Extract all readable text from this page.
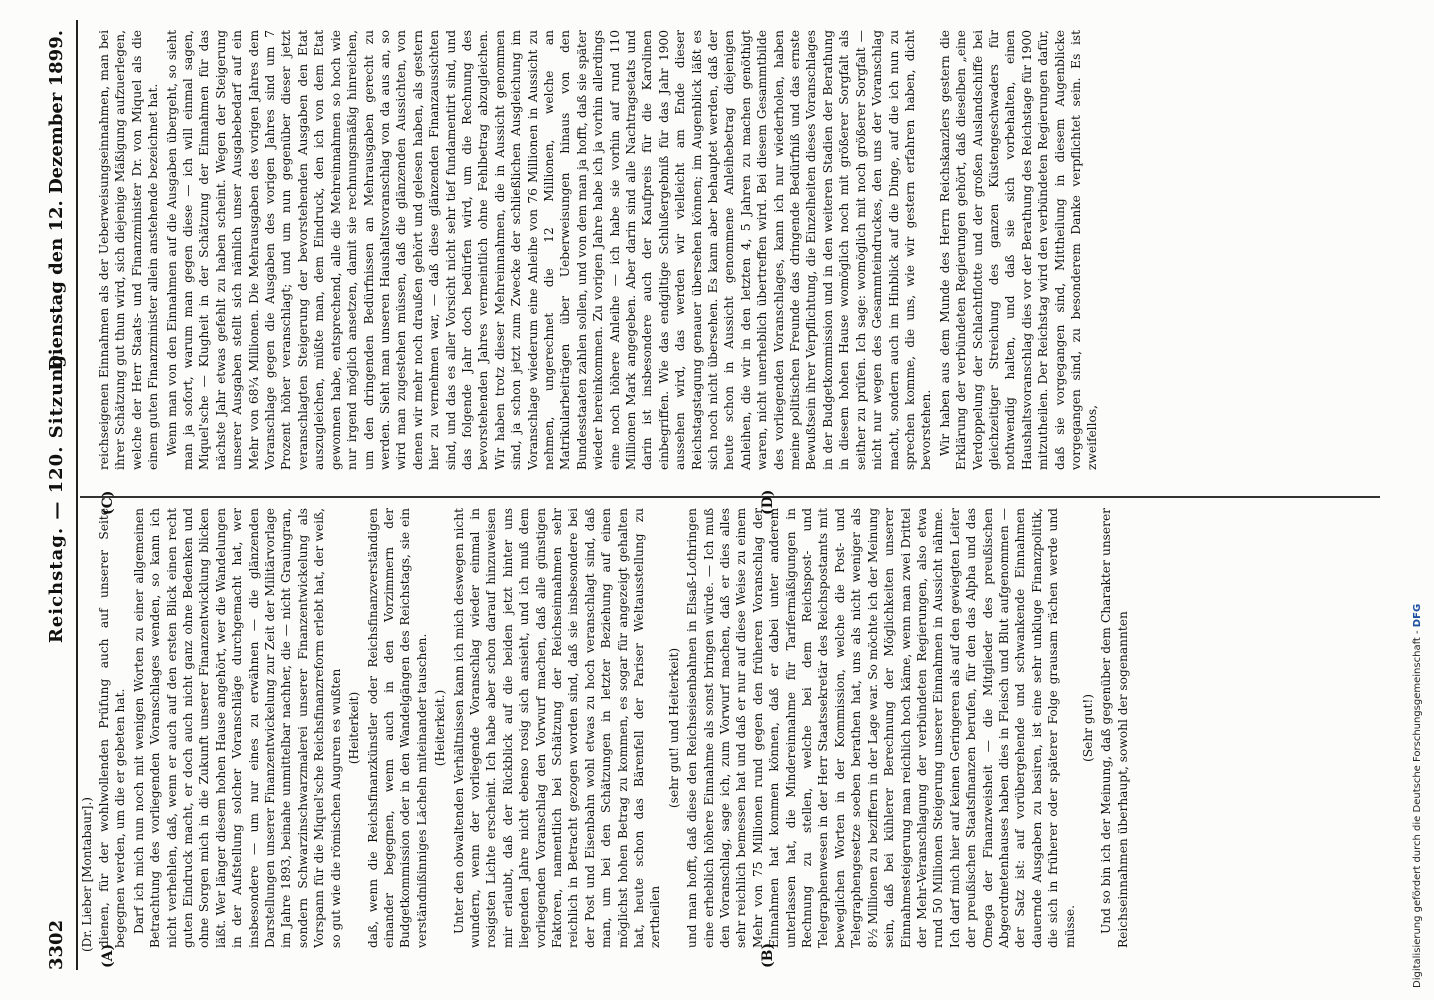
3302
Reichstag. — 120. Sitzung.
Dienstag den 12. Dezember 1899.
(Dr. Lieber [Montabaur].)
(A)	(B)
(C)	(D)

dienen, für der wohlwollenden Prüfung auch auf unserer Seite begegnen werden, um die er gebeten hat. Darf ich mich nun noch mit wenigen Worten zu einer allgemeinen Betrachtung des vorliegenden Voranschlages wenden, so kann ich nicht verhehlen, daß, wenn er auch auf den ersten Blick einen recht guten Eindruck macht, er doch auch nicht ganz ohne Bedenken und ohne Sorgen mich in die Zukunft unserer Finanzentwicklung blicken läßt. Wer länger diesem hohen Hause angehört, wer die Wandelungen in der Aufstellung solcher Voranschläge durchgemacht hat, wer insbesondere — um nur eines zu erwähnen — die glänzenden Darstellungen unserer Finanzentwickelung zur Zeit der Militärvorlage im Jahre 1893, beinahe unmittelbar nachher, die — nicht Grauingran, sondern Schwarzinschwarzmalerei unserer Finanzentwickelung als Vorspann für die Miquel'sche Reichsfinanzreform erlebt hat, der weiß, so gut wie die römischen Auguren es wußten (Heiterkeit) daß, wenn die Reichsfinanzkünstler oder Reichsfinanzverständigen einander begegnen, wenn auch in den Vorzimmern der Budgetkommission oder in den Wandelgängen des Reichstags, sie ein verständnißinniges Lächeln miteinander tauschen. (Heiterkeit.) Unter den obwaltenden Verhältnissen kann ich mich deswegen nicht wundern, wenn der vorliegende Voranschlag wieder einmal in rosigsten Lichte erscheint. Ich habe aber schon darauf hinzuweisen mir erlaubt, daß der Rückblick auf die beiden jetzt hinter uns liegenden Jahre nicht ebenso rosig sich ansieht, und ich muß dem vorliegenden Voranschlag den Vorwurf machen, daß alle günstigen Faktoren, namentlich bei Schätzung der Reichseinnahmen sehr reichlich in Betracht gezogen worden sind, daß sie insbesondere bei der Post und Eisenbahn wohl etwas zu hoch veranschlagt sind, daß man, um bei den Schätzungen in letzter Beziehung auf einen möglichst hohen Betrag zu kommen, es sogar für angezeigt gehalten hat, heute schon das Bärenfell der Pariser Weltausstellung zu zertheilen

(sehr gut! und Heiterkeit) und man hofft, daß diese den Reichseisenbahnen in Elsaß-Lothringen eine erheblich höhere Einnahme als sonst bringen würde. — Ich muß den Voranschlag, sage ich, zum Vorwurf machen, daß er dies alles sehr reichlich bemessen hat und daß er nur auf diese Weise zu einem Mehr von 75 Millionen rund gegen den früheren Voranschlag der Einnahmen hat kommen können, daß er dabei unter anderem unterlassen hat, die Mindereinnahme für Tarifermäßigungen in Rechnung zu stellen, welche bei dem Reichspost- und Telegraphenwesen in der Herr Staatssekretär des Reichspostamts mit beweglichen Worten in der Kommission, welche die Post- und Telegraphengesetze soeben berathen hat, uns als nicht weniger als 8½ Millionen zu beziffern in der Lage war. So möchte ich der Meinung sein, daß bei kühlerer Berechnung der Möglichkeiten unserer Einnahmesteigerung man reichlich hoch käme, wenn man zwei Drittel der Mehr-Veranschlagung der verbündeten Regierungen, also etwa rund 50 Millionen Steigerung unserer Einnahmen in Aussicht nähme. Ich darf mich hier auf keinen Geringeren als auf den gewiegten Leiter der preußischen Staatsfinanzen berufen, für den das Alpha und das Omega der Finanzweisheit — die Mitglieder des preußischen Abgeordnetenhauses haben dies in Fleisch und Blut aufgenommen — der Satz ist: auf vorübergehende und schwankende Einnahmen dauernde Ausgaben zu basiren, ist eine sehr unkluge Finanzpolitik, die sich in früherer oder späterer Folge grausam rächen werde und müsse.

(Sehr gut!) Und so bin ich der Meinung, daß gegenüber dem Charakter unserer Reichseinnahmen überhaupt, sowohl der sogenannten

reichseigenen Einnahmen als der Ueberweisungseinnahmen, man bei ihrer Schätzung gut thun wird, sich diejenige Mäßigung aufzuerlegen, welche der Herr Staats- und Finanzminister Dr. von Miquel als die einem guten Finanzminister allein anstehende bezeichnet hat. Wenn man von den Einnahmen auf die Ausgaben übergeht, so sieht man ja sofort, warum man gegen diese — ich will einmal sagen, Miquel'sche — Klugheit in der Schätzung der Einnahmen für das nächste Jahr etwas gefehlt zu haben scheint. Wegen der Steigerung unserer Ausgaben stellt sich nämlich unser Ausgabebedarf auf ein Mehr von 68¼ Millionen. Die Mehrausgaben des vorigen Jahres dem Voranschlage gegen die Ausgaben des vorigen Jahres sind um 7 Prozent höher veranschlagt; und um nun gegenüber dieser jetzt veranschlagten Steigerung der bevorstehenden Ausgaben den Etat auszugleichen, müßte man, dem Eindruck, den ich von dem Etat gewonnen habe, entsprechend, alle die Mehreinnahmen so hoch wie nur irgend möglich ansetzen, damit sie rechnungsmäßig hinreichen, um den dringenden Bedürfnissen an Mehrausgaben gerecht zu werden. Sieht man unseren Haushaltsvoranschlag von da aus an, so wird man zugestehen müssen, daß die glänzenden Aussichten, von denen wir mehr noch draußen gehört und gelesen haben, als gestern hier zu vernehmen war, — daß diese glänzenden Finanzaussichten sind, und das es aller Vorsicht nicht sehr tief fundamentirt sind, und das folgende Jahr doch bedürfen wird, um die Rechnung des bevorstehenden Jahres vermeintlich ohne Fehlbetrag abzugleichen. Wir haben trotz dieser Mehreinnahmen, die in Aussicht genommen sind, ja schon jetzt zum Zwecke der schließlichen Ausgleichung im Voranschlage wiederum eine Anleihe von 76 Millionen in Aussicht zu nehmen, ungerechnet die 12 Millionen, welche an Matrikularbeiträgen über Ueberweisungen hinaus von den Bundesstaaten zahlen sollen, und von dem man ja hofft, daß sie später wieder hereinkommen. Zu vorigen Jahre habe ich ja vorhin allerdings eine noch höhere Anleihe — ich habe sie vorhin auf rund 110 Millionen Mark angegeben. Aber darin sind alle Nachtragsetats und darin ist insbesondere auch der Kaufpreis für die Karolinen einbegriffen. Wie das endgiltige Schlußergebniß für das Jahr 1900 aussehen wird, das werden wir vielleicht am Ende dieser Reichstagstagung genauer übersehen können; im Augenblick läßt es sich noch nicht übersehen. Es kann aber behauptet werden, daß der heute schon in Aussicht genommene Anleihebetrag diejenigen Anleihen, die wir in den letzten 4, 5 Jahren zu machen genöthigt waren, nicht unerheblich übertreffen wird. Bei diesem Gesammtbilde des vorliegenden Voranschlages, kann ich nur wiederholen, haben meine politischen Freunde das dringende Bedürfniß und das ernste Bewußtsein ihrer Verpflichtung, die Einzelheiten dieses Voranschlages in der Budgetkommission und in den weiteren Stadien der Berathung in diesem hohen Hause womöglich noch mit größerer Sorgfalt als seither zu prüfen. Ich sage: womöglich mit noch größerer Sorgfalt — nicht nur wegen des Gesammteindruckes, den uns der Voranschlag macht, sondern auch im Hinblick auf die Dinge, auf die ich nun zu sprechen komme, die uns, wie wir gestern erfahren haben, dicht bevorstehen. Wir haben aus dem Munde des Herrn Reichskanzlers gestern die Erklärung der verbündeten Regierungen gehört, daß dieselben „eine Verdoppelung der Schlachtflotte und der großen Auslandschiffe bei gleichzeitiger Streichung des ganzen Küstengeschwaders für nothwendig halten, und daß sie sich vorbehalten, einen Haushaltsvoranschlag dies vor der Berathung des Reichstage für 1900 mitzutheilen. Der Reichstag wird den verbündeten Regierungen dafür, daß sie vorgegangen sind, Mittheilung in diesem Augenblicke vorgegangen sind, zu besonderem Danke verpflichtet sein. Es ist zweifellos,

Digitalisierung gefördert durch die Deutsche Forschungsgemeinschaft - DFG
